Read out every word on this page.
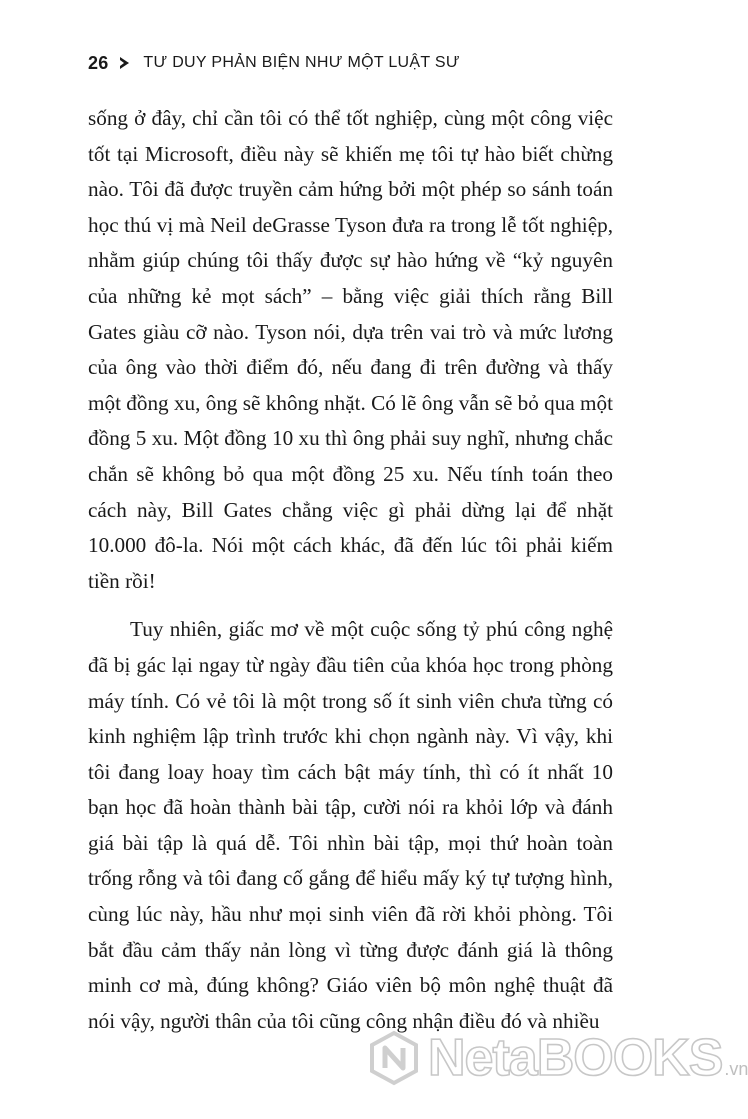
26 TƯ DUY PHẢN BIỆN NHƯ MỘT LUẬT SƯ

sống ở đây, chỉ cần tôi có thể tốt nghiệp, cùng một công việc tốt tại Microsoft, điều này sẽ khiến mẹ tôi tự hào biết chừng nào. Tôi đã được truyền cảm hứng bởi một phép so sánh toán học thú vị mà Neil deGrasse Tyson đưa ra trong lễ tốt nghiệp, nhằm giúp chúng tôi thấy được sự hào hứng về “kỷ nguyên của những kẻ mọt sách” – bằng việc giải thích rằng Bill Gates giàu cỡ nào. Tyson nói, dựa trên vai trò và mức lương của ông vào thời điểm đó, nếu đang đi trên đường và thấy một đồng xu, ông sẽ không nhặt. Có lẽ ông vẫn sẽ bỏ qua một đồng 5 xu. Một đồng 10 xu thì ông phải suy nghĩ, nhưng chắc chắn sẽ không bỏ qua một đồng 25 xu. Nếu tính toán theo cách này, Bill Gates chẳng việc gì phải dừng lại để nhặt 10.000 đô-la. Nói một cách khác, đã đến lúc tôi phải kiếm tiền rồi!

Tuy nhiên, giấc mơ về một cuộc sống tỷ phú công nghệ đã bị gác lại ngay từ ngày đầu tiên của khóa học trong phòng máy tính. Có vẻ tôi là một trong số ít sinh viên chưa từng có kinh nghiệm lập trình trước khi chọn ngành này. Vì vậy, khi tôi đang loay hoay tìm cách bật máy tính, thì có ít nhất 10 bạn học đã hoàn thành bài tập, cười nói ra khỏi lớp và đánh giá bài tập là quá dễ. Tôi nhìn bài tập, mọi thứ hoàn toàn trống rỗng và tôi đang cố gắng để hiểu mấy ký tự tượng hình, cùng lúc này, hầu như mọi sinh viên đã rời khỏi phòng. Tôi bắt đầu cảm thấy nản lòng vì từng được đánh giá là thông minh cơ mà, đúng không? Giáo viên bộ môn nghệ thuật đã nói vậy, người thân của tôi cũng công nhận điều đó và nhiều

NetaBOOKS .vn
